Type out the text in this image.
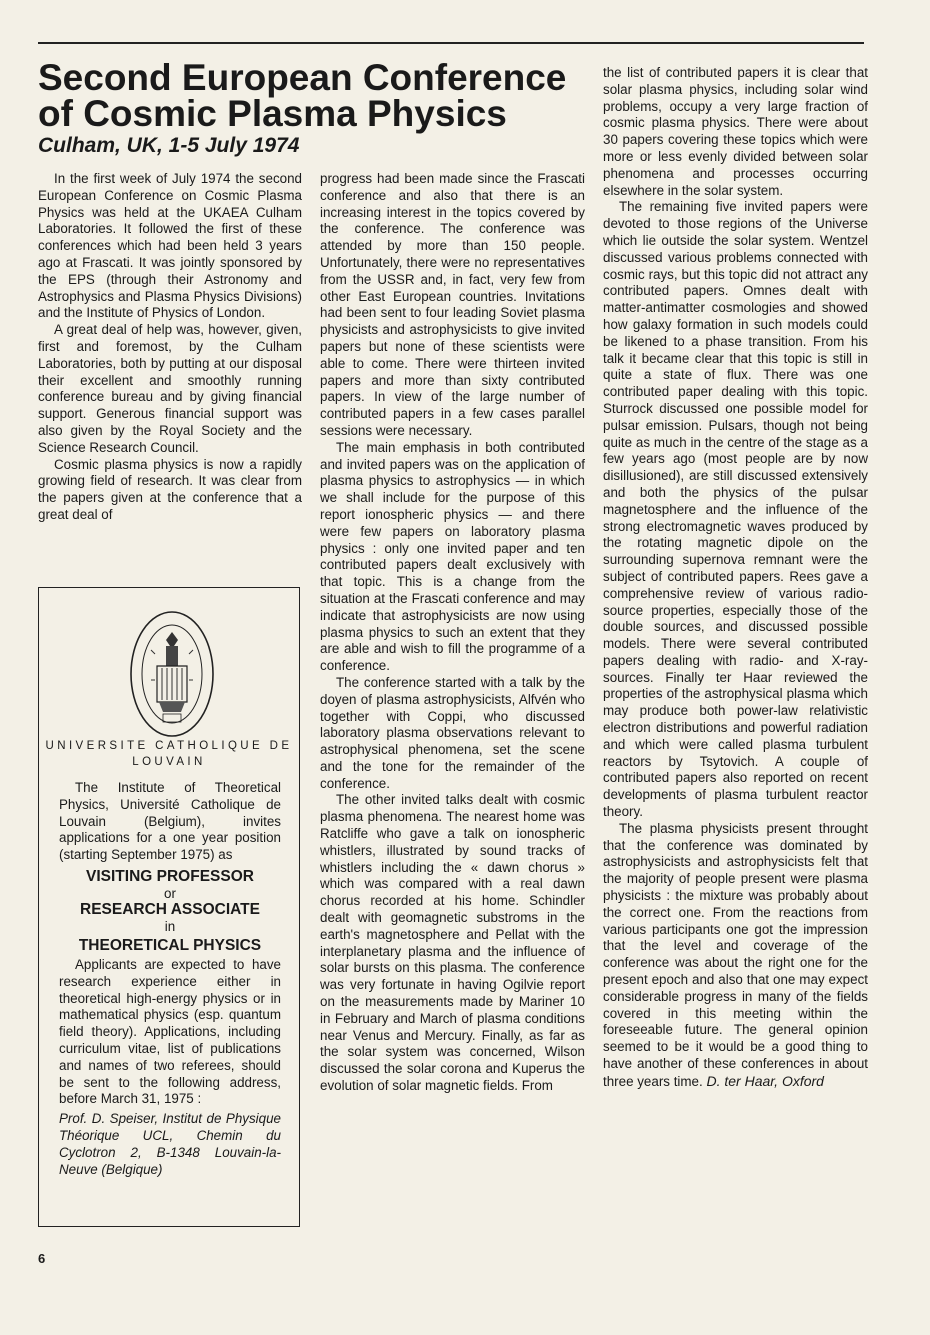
Second European Conference of Cosmic Plasma Physics
Culham, UK, 1-5 July 1974

In the first week of July 1974 the second European Conference on Cosmic Plasma Physics was held at the UKAEA Culham Laboratories. It followed the first of these conferences which had been held 3 years ago at Frascati. It was jointly sponsored by the EPS (through their Astronomy and Astrophysics and Plasma Physics Divisions) and the Institute of Physics of London.

A great deal of help was, however, given, first and foremost, by the Culham Laboratories, both by putting at our disposal their excellent and smoothly running conference bureau and by giving financial support. Generous financial support was also given by the Royal Society and the Science Research Council.

Cosmic plasma physics is now a rapidly growing field of research. It was clear from the papers given at the conference that a great deal of

progress had been made since the Frascati conference and also that there is an increasing interest in the topics covered by the conference. The conference was attended by more than 150 people. Unfortunately, there were no representatives from the USSR and, in fact, very few from other East European countries. Invitations had been sent to four leading Soviet plasma physicists and astrophysicists to give invited papers but none of these scientists were able to come. There were thirteen invited papers and more than sixty contributed papers. In view of the large number of contributed papers in a few cases parallel sessions were necessary.

The main emphasis in both contributed and invited papers was on the application of plasma physics to astrophysics — in which we shall include for the purpose of this report ionospheric physics — and there were few papers on laboratory plasma physics : only one invited paper and ten contributed papers dealt exclusively with that topic. This is a change from the situation at the Frascati conference and may indicate that astrophysicists are now using plasma physics to such an extent that they are able and wish to fill the programme of a conference.

The conference started with a talk by the doyen of plasma astrophysicists, Alfvén who together with Coppi, who discussed laboratory plasma observations relevant to astrophysical phenomena, set the scene and the tone for the remainder of the conference.

The other invited talks dealt with cosmic plasma phenomena. The nearest home was Ratcliffe who gave a talk on ionospheric whistlers, illustrated by sound tracks of whistlers including the « dawn chorus » which was compared with a real dawn chorus recorded at his home. Schindler dealt with geomagnetic substroms in the earth's magnetosphere and Pellat with the interplanetary plasma and the influence of solar bursts on this plasma. The conference was very fortunate in having Ogilvie report on the measurements made by Mariner 10 in February and March of plasma conditions near Venus and Mercury. Finally, as far as the solar system was concerned, Wilson discussed the solar corona and Kuperus the evolution of solar magnetic fields. From

the list of contributed papers it is clear that solar plasma physics, including solar wind problems, occupy a very large fraction of cosmic plasma physics. There were about 30 papers covering these topics which were more or less evenly divided between solar phenomena and processes occurring elsewhere in the solar system.

The remaining five invited papers were devoted to those regions of the Universe which lie outside the solar system. Wentzel discussed various problems connected with cosmic rays, but this topic did not attract any contributed papers. Omnes dealt with matter-antimatter cosmologies and showed how galaxy formation in such models could be likened to a phase transition. From his talk it became clear that this topic is still in quite a state of flux. There was one contributed paper dealing with this topic. Sturrock discussed one possible model for pulsar emission. Pulsars, though not being quite as much in the centre of the stage as a few years ago (most people are by now disillusioned), are still discussed extensively and both the physics of the pulsar magnetosphere and the influence of the strong electromagnetic waves produced by the rotating magnetic dipole on the surrounding supernova remnant were the subject of contributed papers. Rees gave a comprehensive review of various radio-source properties, especially those of the double sources, and discussed possible models. There were several contributed papers dealing with radio- and X-ray-sources. Finally ter Haar reviewed the properties of the astrophysical plasma which may produce both power-law relativistic electron distributions and powerful radiation and which were called plasma turbulent reactors by Tsytovich. A couple of contributed papers also reported on recent developments of plasma turbulent reactor theory.

The plasma physicists present throught that the conference was dominated by astrophysicists and astrophysicists felt that the majority of people present were plasma physicists : the mixture was probably about the correct one. From the reactions from various participants one got the impression that the level and coverage of the conference was about the right one for the present epoch and also that one may expect considerable progress in many of the fields covered in this meeting within the foreseeable future. The general opinion seemed to be it would be a good thing to have another of these conferences in about three years time. D. ter Haar, Oxford

UNIVERSITE CATHOLIQUE DE LOUVAIN

The Institute of Theoretical Physics, Université Catholique de Louvain (Belgium), invites applications for a one year position (starting September 1975) as

VISITING PROFESSOR

or

RESEARCH ASSOCIATE

in

THEORETICAL PHYSICS

Applicants are expected to have research experience either in theoretical high-energy physics or in mathematical physics (esp. quantum field theory). Applications, including curriculum vitae, list of publications and names of two referees, should be sent to the following address, before March 31, 1975 :

Prof. D. Speiser, Institut de Physique Théorique UCL, Chemin du Cyclotron 2, B-1348 Louvain-la-Neuve (Belgique)

6
